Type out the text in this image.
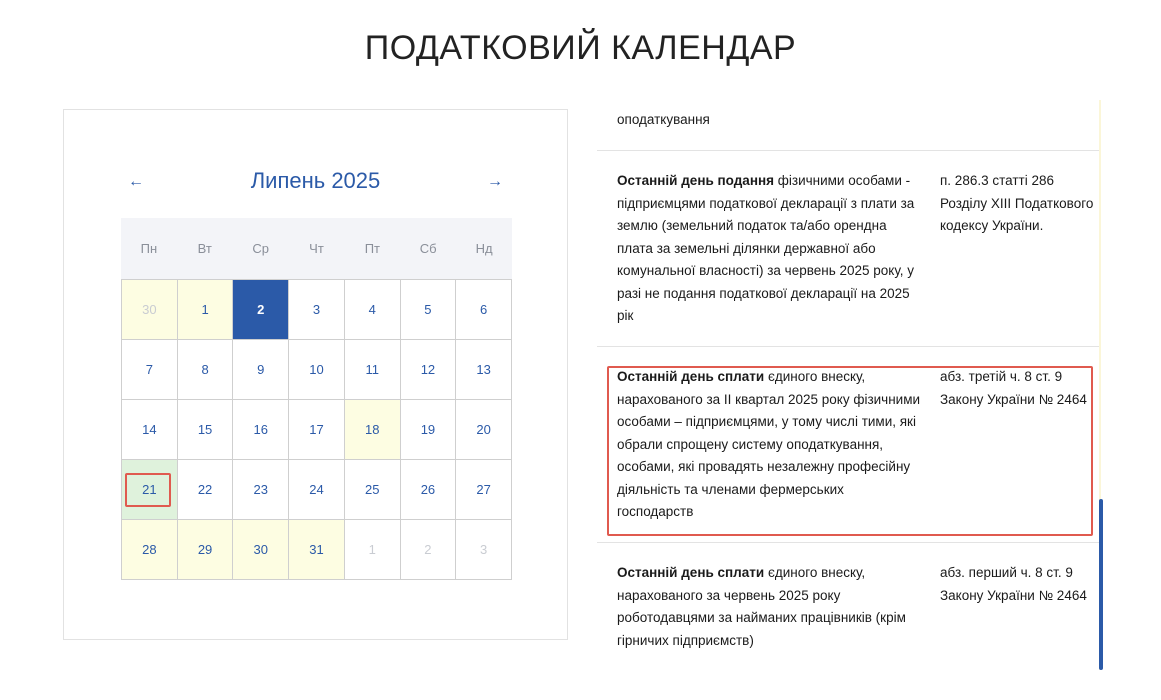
ПОДАТКОВИЙ КАЛЕНДАР
←	Липень 2025	→
Пн	Вт	Ср	Чт	Пт	Сб	Нд
30	1	2	3	4	5	6
7	8	9	10	11	12	13
14	15	16	17	18	19	20
21	22	23	24	25	26	27
28	29	30	31	1	2	3
оподаткування
Останній день подання фізичними особами - підприємцями податкової декларації з плати за землю (земельний податок та/або орендна плата за земельні ділянки державної або комунальної власності) за червень 2025 року, у разі не подання податкової декларації на 2025 рік
п. 286.3 статті 286 Розділу ХІІІ Податкового кодексу України.
Останній день сплати єдиного внеску, нарахованого за ІІ квартал 2025 року фізичними особами – підприємцями, у тому числі тими, які обрали спрощену систему оподаткування, особами, які провадять незалежну професійну діяльність та членами фермерських господарств
абз. третій ч. 8 ст. 9 Закону України № 2464
Останній день сплати єдиного внеску, нарахованого за червень 2025 року роботодавцями за найманих працівників (крім гірничих підприємств)
абз. перший ч. 8 ст. 9 Закону України № 2464
